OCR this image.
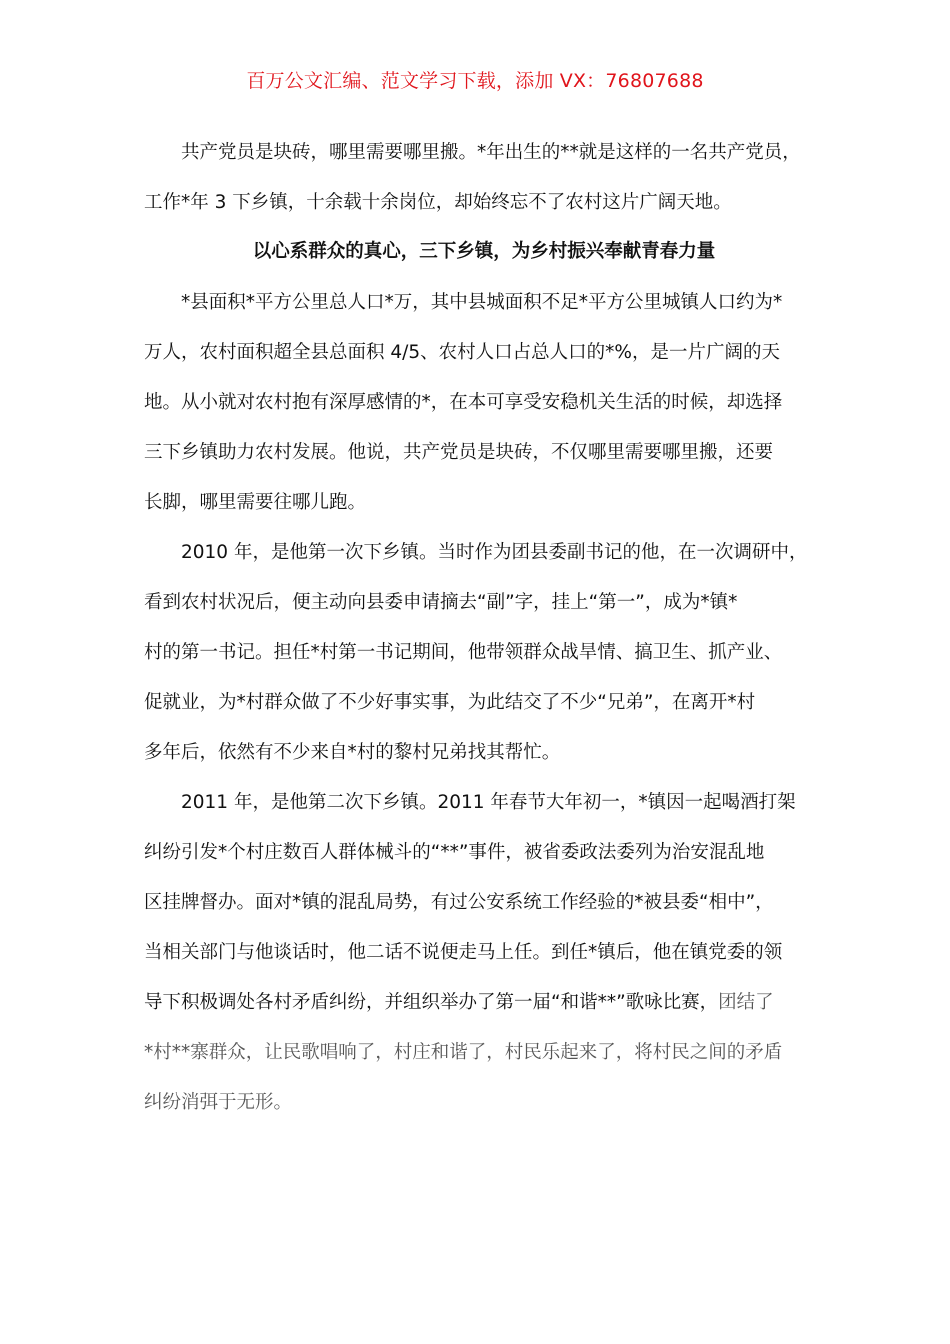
百万公文汇编、范文学习下载，添加 VX：76807688
共产党员是块砖，哪里需要哪里搬。*年出生的**就是这样的一名共产党员，
工作*年 3 下乡镇，十余载十余岗位，却始终忘不了农村这片广阔天地。
以心系群众的真心，三下乡镇，为乡村振兴奉献青春力量
*县面积*平方公里总人口*万，其中县城面积不足*平方公里城镇人口约为*
万人，农村面积超全县总面积 4/5、农村人口占总人口的*%，是一片广阔的天
地。从小就对农村抱有深厚感情的*，在本可享受安稳机关生活的时候，却选择
三下乡镇助力农村发展。他说，共产党员是块砖，不仅哪里需要哪里搬，还要
长脚，哪里需要往哪儿跑。
2010 年，是他第一次下乡镇。当时作为团县委副书记的他，在一次调研中，
看到农村状况后，便主动向县委申请摘去“副”字，挂上“第一”，成为*镇*
村的第一书记。担任*村第一书记期间，他带领群众战旱情、搞卫生、抓产业、
促就业，为*村群众做了不少好事实事，为此结交了不少“兄弟”，在离开*村
多年后，依然有不少来自*村的黎村兄弟找其帮忙。
2011 年，是他第二次下乡镇。2011 年春节大年初一，*镇因一起喝酒打架
纠纷引发*个村庄数百人群体械斗的“**”事件，被省委政法委列为治安混乱地
区挂牌督办。面对*镇的混乱局势，有过公安系统工作经验的*被县委“相中”，
当相关部门与他谈话时，他二话不说便走马上任。到任*镇后，他在镇党委的领
导下积极调处各村矛盾纠纷，并组织举办了第一届“和谐**”歌咏比赛，团结了
*村**寨群众，让民歌唱响了，村庄和谐了，村民乐起来了，将村民之间的矛盾
纠纷消弭于无形。
